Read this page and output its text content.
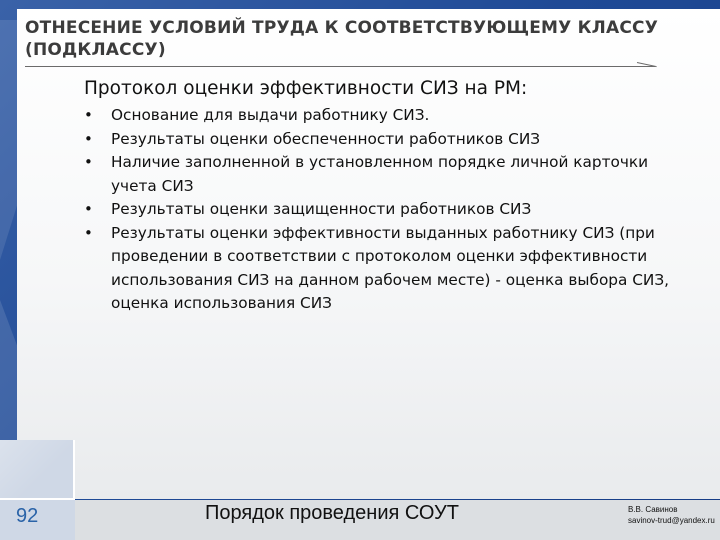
ОТНЕСЕНИЕ УСЛОВИЙ ТРУДА К СООТВЕТСТВУЮЩЕМУ КЛАССУ (ПОДКЛАССУ)
Протокол оценки эффективности СИЗ на РМ:
• Основание для выдачи работнику СИЗ.
• Результаты оценки обеспеченности работников СИЗ
• Наличие заполненной в установленном порядке личной карточки учета СИЗ
• Результаты оценки защищенности работников СИЗ
• Результаты оценки эффективности выданных работнику СИЗ (при проведении в соответствии с протоколом оценки эффективности использования СИЗ на данном рабочем месте) - оценка выбора СИЗ, оценка использования СИЗ
92	Порядок проведения СОУТ	В.В. Савинов
savinov-trud@yandex.ru
